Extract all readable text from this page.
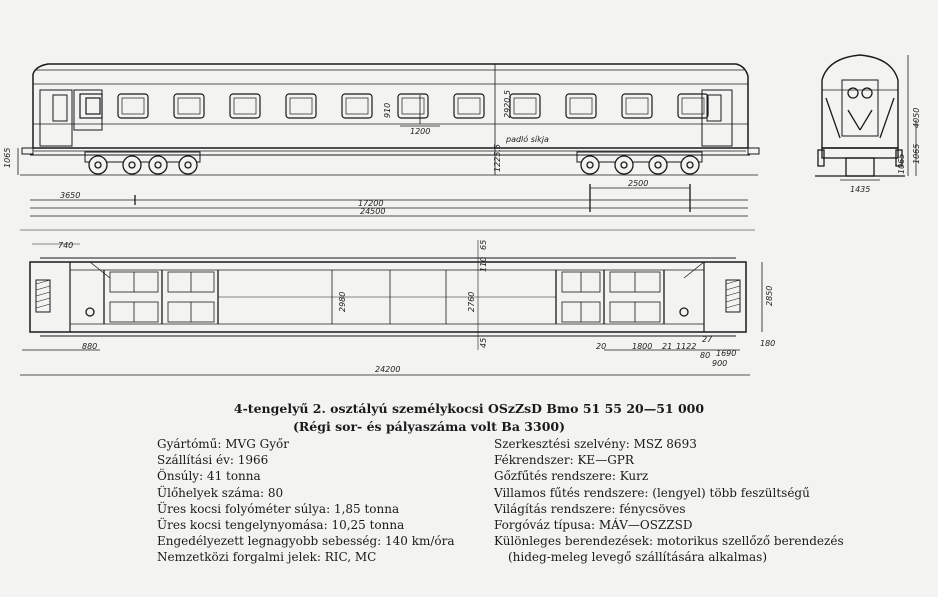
1065
2920,5
1225,5
910
1200
padló síkja
2500
3650
17200
24500
4050
1065
1065
1435
740
880
2760
2980
110
65
45
2850
180
20	1800 21 1122
27
1690
24200
80
900
4-tengelyű 2. osztályú személykocsi OSzZsD Bmo 51 55 20—51 000
(Régi sor- és pályaszáma volt Ba 3300)
Gyártómű: MVG Győr
Szállítási év: 1966
Önsúly: 41 tonna
Ülőhelyek száma: 80
Üres kocsi folyóméter súlya: 1,85 tonna
Üres kocsi tengelynyomása: 10,25 tonna
Engedélyezett legnagyobb sebesség: 140 km/óra
Nemzetközi forgalmi jelek: RIC, MC
Szerkesztési szelvény: MSZ 8693
Fékrendszer: KE—GPR
Gőzfűtés rendszere: Kurz
Villamos fűtés rendszere: (lengyel) több feszültségű
Világítás rendszere: fénycsöves
Forgóváz típusa: MÁV—OSZZSD
Különleges berendezések: motorikus szellőző berendezés
(hideg-meleg levegő szállítására alkalmas)
